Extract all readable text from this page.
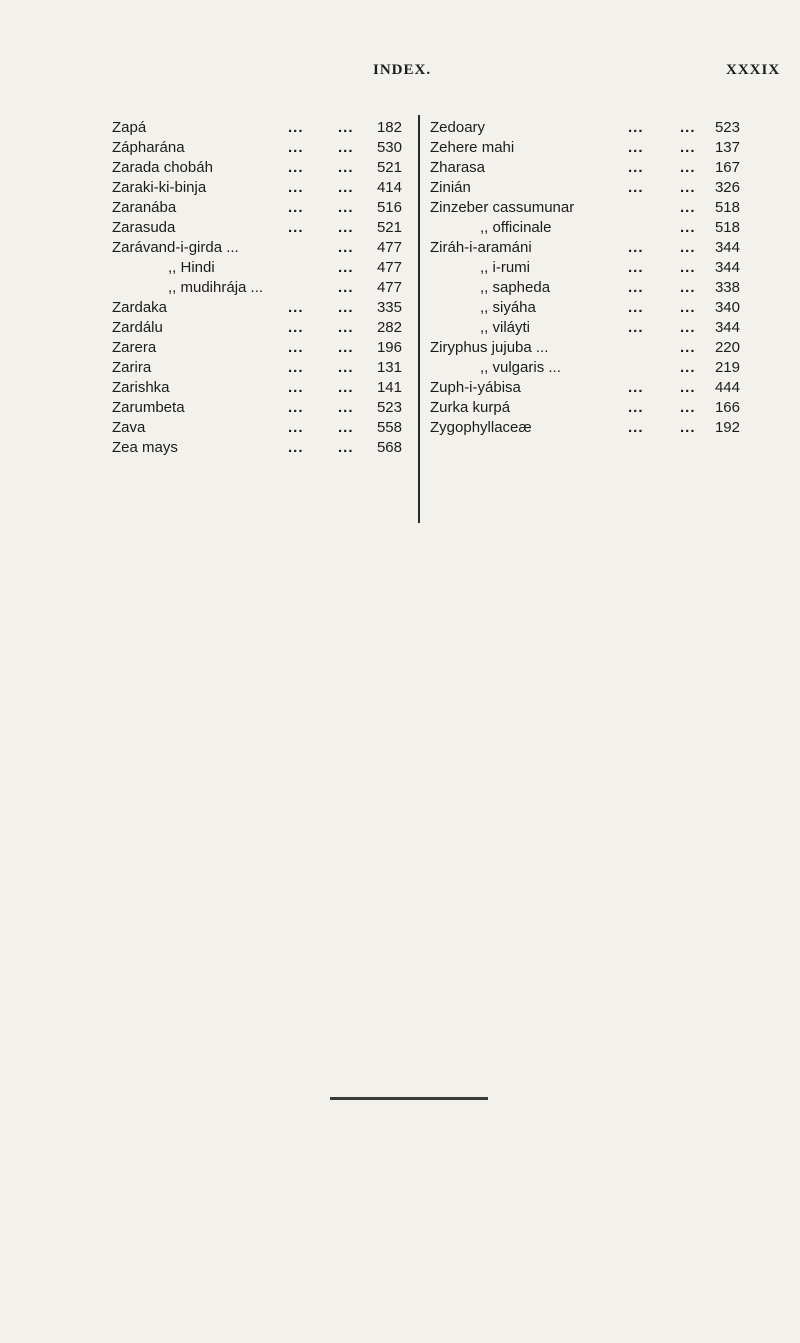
INDEX.	XXXIX
Zapá	... ...	182
Zápharána	... ...	530
Zarada chobáh	... ...	521
Zaraki-ki-binja	... ...	414
Zaranába	... ...	516
Zarasuda	... ...	521
Zarávand-i-girda ...	...	477
,, Hindi	...	477
,, mudihrája ...	...	477
Zardaka	... ...	335
Zardálu	... ...	282
Zarera	... ...	196
Zarira	... ...	131
Zarishka	... ...	141
Zarumbeta	... ...	523
Zava	... ...	558
Zea mays	... ...	568
Zedoary	... ...	523
Zehere mahi	... ...	137
Zharasa	... ...	167
Zinián	... ...	326
Zinzeber cassumunar	...	518
,, officinale	...	518
Ziráh-i-aramáni	... ...	344
,, i-rumi	... ...	344
,, sapheda	... ...	338
,, siyáha	... ...	340
,, viláyti	... ...	344
Ziryphus jujuba ...	...	220
,, vulgaris ...	...	219
Zuph-i-yábisa	... ...	444
Zurka kurpá	... ...	166
Zygophyllaceæ	... ...	192
